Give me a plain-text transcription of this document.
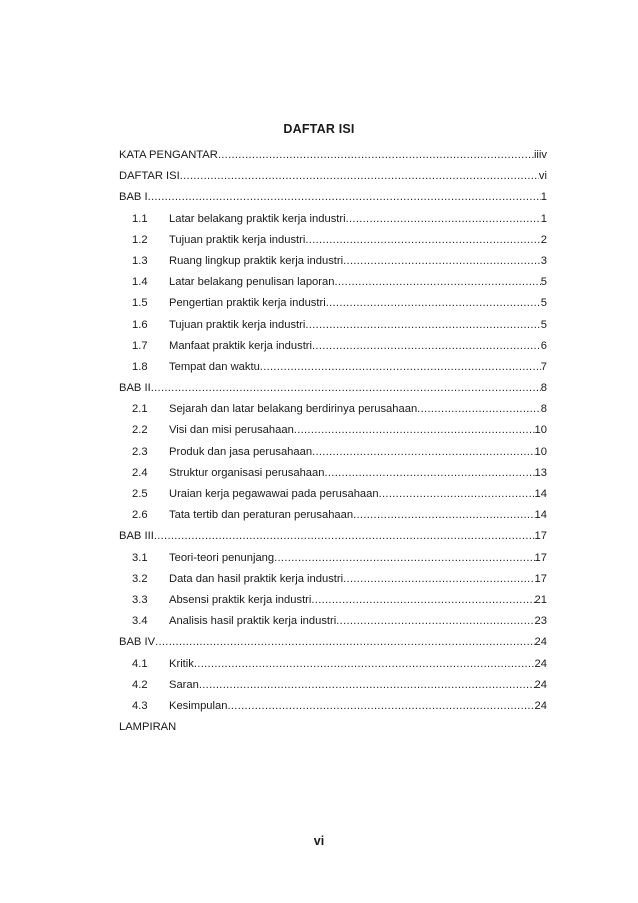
DAFTAR ISI
KATA PENGANTAR .....	iiiv
DAFTAR ISI .....	vi
BAB I .....	1
1.1	Latar belakang praktik kerja industri .....	1
1.2	Tujuan praktik kerja industri .....	2
1.3	Ruang lingkup praktik kerja industri .....	3
1.4	Latar belakang penulisan laporan .....	5
1.5	Pengertian praktik kerja industri .....	5
1.6	Tujuan praktik kerja industri .....	5
1.7	Manfaat praktik kerja industri .....	6
1.8	Tempat dan waktu .....	7
BAB II .....	8
2.1	Sejarah dan latar belakang berdirinya perusahaan .....	8
2.2	Visi dan misi perusahaan .....	10
2.3	Produk dan jasa perusahaan .....	10
2.4	Struktur organisasi perusahaan .....	13
2.5	Uraian kerja pegawawai pada perusahaan .....	14
2.6	Tata tertib dan peraturan perusahaan .....	14
BAB III .....	17
3.1	Teori-teori penunjang .....	17
3.2	Data dan hasil praktik kerja industri .....	17
3.3	Absensi praktik kerja industri .....	21
3.4	Analisis hasil praktik kerja industri .....	23
BAB IV .....	24
4.1	Kritik .....	24
4.2	Saran .....	24
4.3	Kesimpulan .....	24
LAMPIRAN
vi
